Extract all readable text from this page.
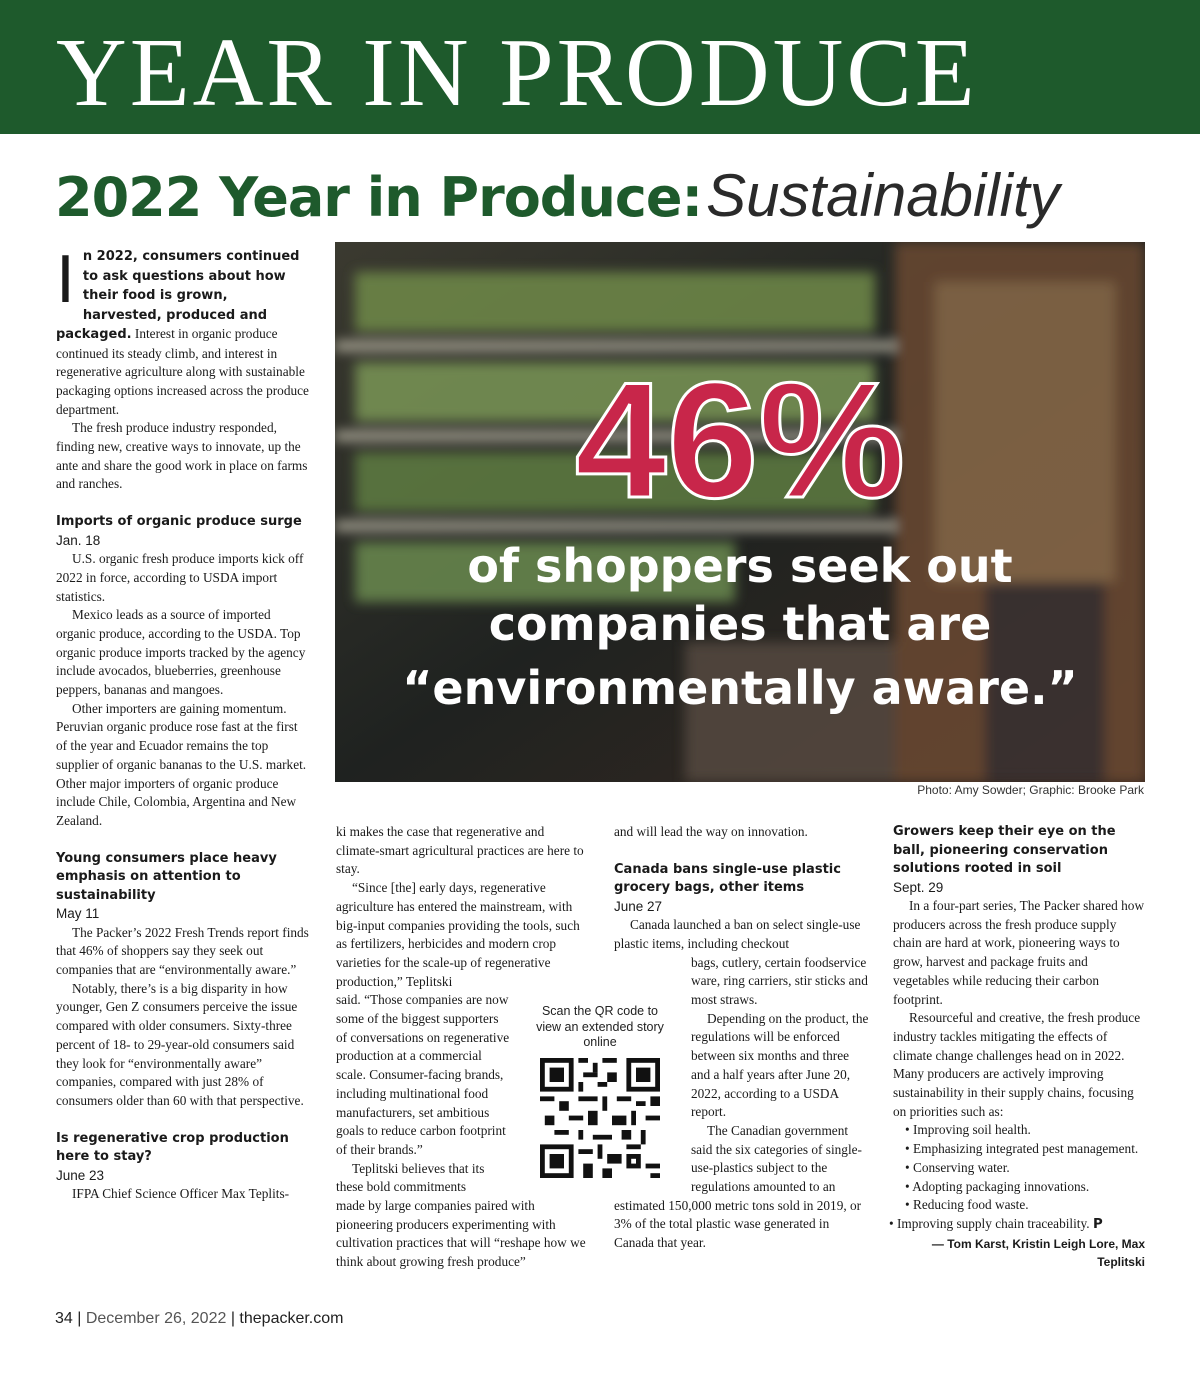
YEAR IN PRODUCE
2022 Year in Produce: Sustainability
I n 2022, consumers continued to ask questions about how their food is grown, harvested, produced and packaged. Interest in organic produce continued its steady climb, and interest in regenerative agriculture along with sustainable packaging options increased across the produce department.

The fresh produce industry responded, finding new, creative ways to innovate, up the ante and share the good work in place on farms and ranches.

Imports of organic produce surge

Jan. 18

U.S. organic fresh produce imports kick off 2022 in force, according to USDA import statistics.

Mexico leads as a source of imported organic produce, according to the USDA. Top organic produce imports tracked by the agency include avocados, blueberries, greenhouse peppers, bananas and mangoes.

Other importers are gaining momentum. Peruvian organic produce rose fast at the first of the year and Ecuador remains the top supplier of organic bananas to the U.S. market. Other major importers of organic produce include Chile, Colombia, Argentina and New Zealand.

Young consumers place heavy emphasis on attention to sustainability

May 11

The Packer’s 2022 Fresh Trends report finds that 46% of shoppers say they seek out companies that are “environmentally aware.”

Notably, there’s is a big disparity in how younger, Gen Z consumers perceive the issue compared with older consumers. Sixty-three percent of 18- to 29-year-old consumers said they look for “environmentally aware” companies, compared with just 28% of consumers older than 60 with that perspective.

Is regenerative crop production here to stay?

June 23

IFPA Chief Science Officer Max Teplits-

46%
of shoppers seek out
companies that are
“environmentally aware.”
Photo: Amy Sowder; Graphic: Brooke Park

ki makes the case that regenerative and climate-smart agricultural practices are here to stay.

“Since [the] early days, regenerative agriculture has entered the mainstream, with big-input companies providing the tools, such as fertilizers, herbicides and modern crop varieties for the scale-up of regenerative production,” Teplitski

said. “Those companies are now some of the biggest supporters of conversations on regenerative production at a commercial scale. Consumer-facing brands, including multinational food manufacturers, set ambitious goals to reduce carbon footprint of their brands.”

Teplitski believes that its these bold commitments

made by large companies paired with pioneering producers experimenting with cultivation practices that will “reshape how we think about growing fresh produce”

and will lead the way on innovation.

Canada bans single-use plastic grocery bags, other items

June 27

Canada launched a ban on select single-use plastic items, including checkout

bags, cutlery, certain foodservice ware, ring carriers, stir sticks and most straws.

Depending on the product, the regulations will be enforced between six months and three and a half years after June 20, 2022, according to a USDA report.

The Canadian government said the six categories of single-use-plastics subject to the regulations amounted to an

estimated 150,000 metric tons sold in 2019, or 3% of the total plastic wase generated in Canada that year.

Scan the QR code to view an extended story online

Growers keep their eye on the ball, pioneering conservation solutions rooted in soil

Sept. 29

In a four-part series, The Packer shared how producers across the fresh produce supply chain are hard at work, pioneering ways to grow, harvest and package fruits and vegetables while reducing their carbon footprint.

Resourceful and creative, the fresh produce industry tackles mitigating the effects of climate change challenges head on in 2022. Many producers are actively improving sustainability in their supply chains, focusing on priorities such as:

• Improving soil health.

• Emphasizing integrated pest management.

• Conserving water.

• Adopting packaging innovations.

• Reducing food waste.

• Improving supply chain traceability. P

— Tom Karst, Kristin Leigh Lore, Max Teplitski
34 | December 26, 2022 | thepacker.com
